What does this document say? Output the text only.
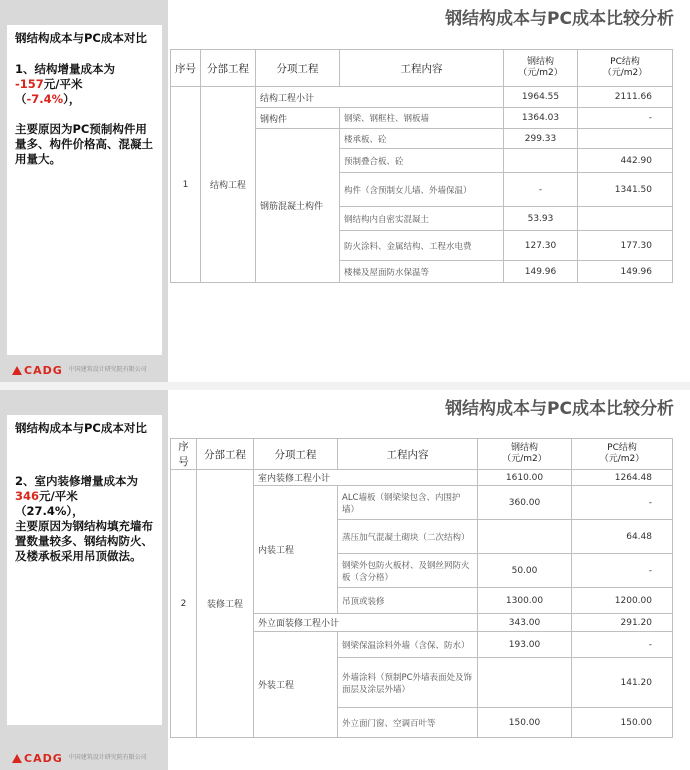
钢结构成本与PC成本对比

1、结构增量成本为

-157元/平米

（-7.4%），

主要原因为PC预制构件用量多、构件价格高、混凝土用量大。

CADG 中国建筑设计研究院有限公司
钢结构成本与PC成本比较分析
序号	分部工程	分项工程	工程内容	钢结构
（元/m2）	PC结构
（元/m2）
1	结构工程	结构工程小计		1964.55	2111.66
		钢构件	钢梁、钢框柱、钢板墙	1364.03	-
		钢筋混凝土构件	楼承板、砼	299.33	
			预制叠合板、砼		442.90
			构件（含预制女儿墙、外墙保温）	-	1341.50
			钢结构内自密实混凝土	53.93	
			防火涂料、金属结构、工程水电费	127.30	177.30
			楼梯及屋面防水保温等	149.96	149.96

钢结构成本与PC成本对比

2、室内装修增量成本为

346元/平米

（27.4%），

主要原因为钢结构填充墙布置数量较多、钢结构防火、及楼承板采用吊顶做法。

CADG 中国建筑设计研究院有限公司
钢结构成本与PC成本比较分析
序号	分部工程	分项工程	工程内容	钢结构
（元/m2）	PC结构
（元/m2）
2	装修工程	室内装修工程小计		1610.00	1264.48
		内装工程	ALC墙板（钢梁梁包含、内围护墙）	360.00	-
			蒸压加气混凝土砌块（二次结构）		64.48
			钢梁外包防火板材、及钢丝网防火板（含分格）	50.00	-
			吊顶或装修	1300.00	1200.00
		外立面装修工程小计		343.00	291.20
		外装工程	钢梁保温涂料外墙（含保、防水）	193.00	-
			外墙涂料（预制PC外墙表面处及饰面层及涂层外墙）		141.20
			外立面门窗、空调百叶等	150.00	150.00
